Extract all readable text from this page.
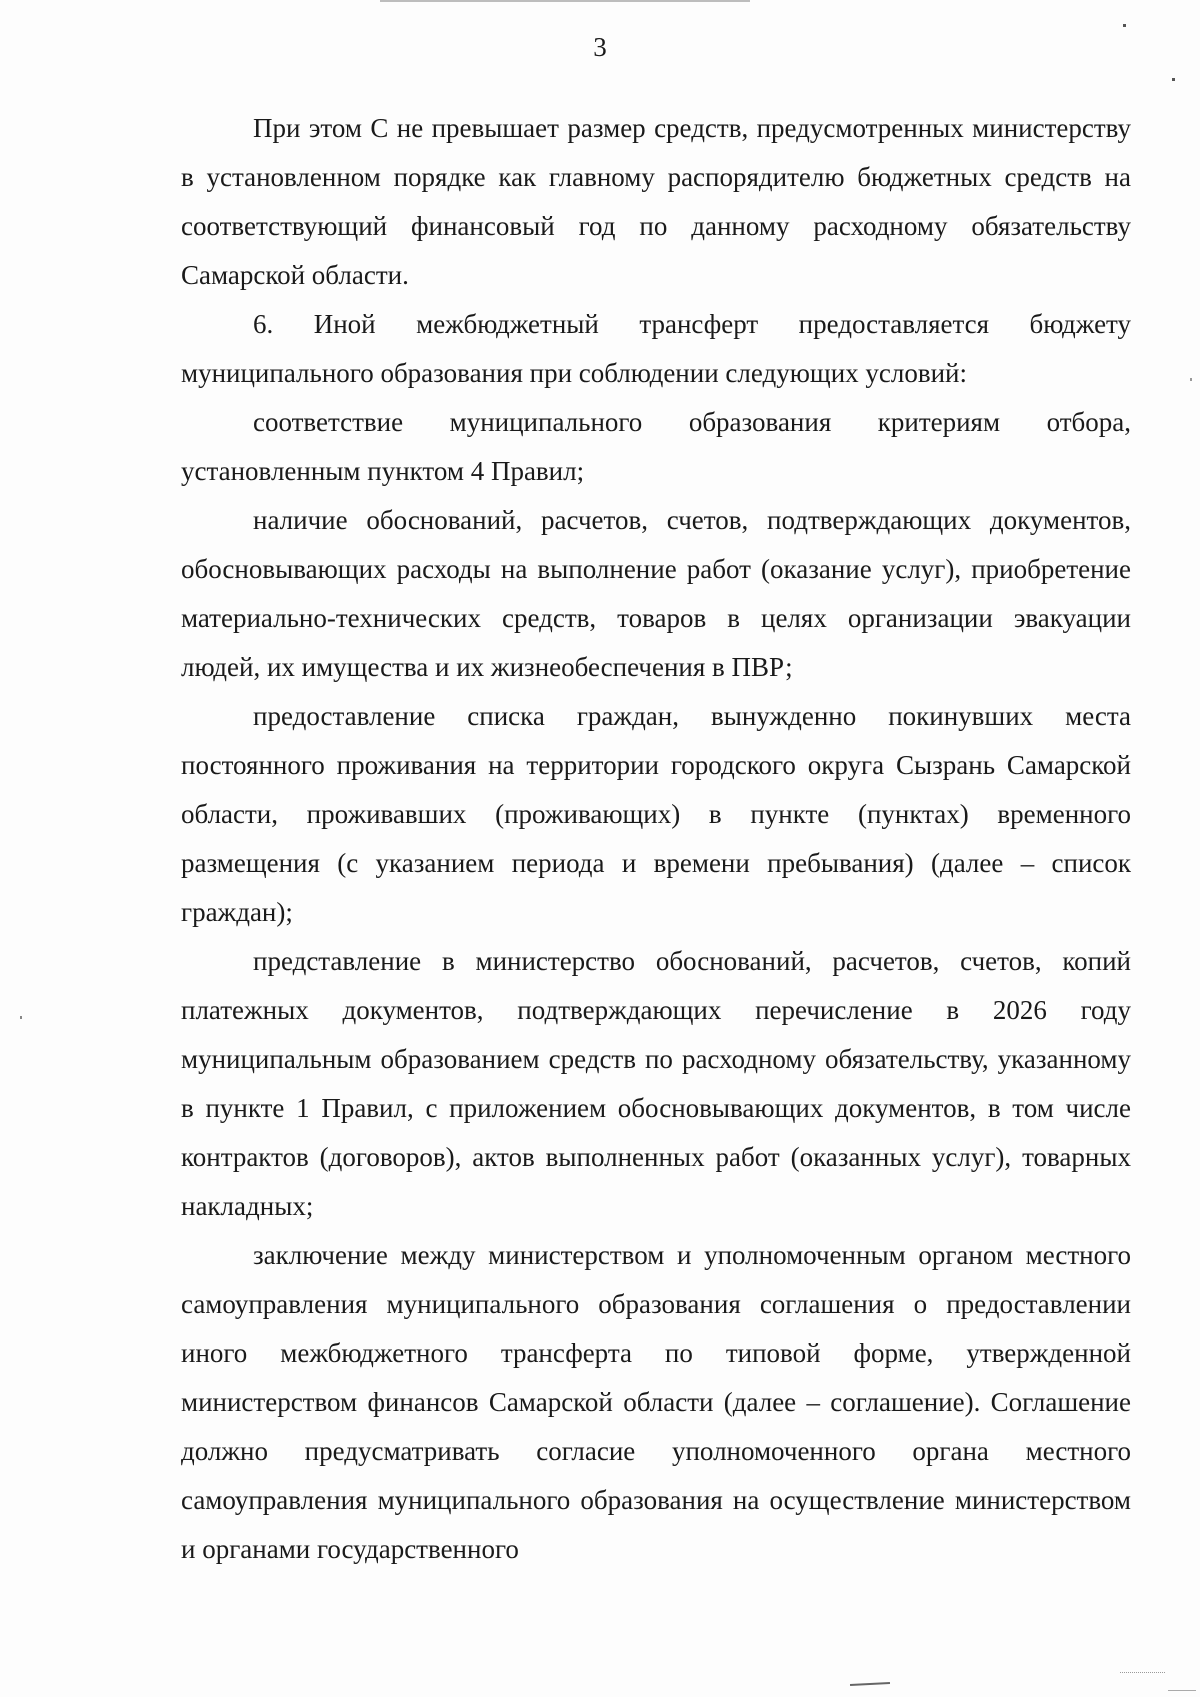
3

При этом С не превышает размер средств, предусмотренных министерству в установленном порядке как главному распорядителю бюджетных средств на соответствующий финансовый год по данному расходному обязательству Самарской области.

6. Иной межбюджетный трансферт предоставляется бюджету муниципального образования при соблюдении следующих условий:

соответствие муниципального образования критериям отбора, установленным пунктом 4 Правил;

наличие обоснований, расчетов, счетов, подтверждающих документов, обосновывающих расходы на выполнение работ (оказание услуг), приобретение материально-технических средств, товаров в целях организации эвакуации людей, их имущества и их жизнеобеспечения в ПВР;

предоставление списка граждан, вынужденно покинувших места постоянного проживания на территории городского округа Сызрань Самарской области, проживавших (проживающих) в пункте (пунктах) временного размещения (с указанием периода и времени пребывания) (далее – список граждан);

представление в министерство обоснований, расчетов, счетов, копий платежных документов, подтверждающих перечисление в 2026 году муниципальным образованием средств по расходному обязательству, указанному в пункте 1 Правил, с приложением обосновывающих документов, в том числе контрактов (договоров), актов выполненных работ (оказанных услуг), товарных накладных;

заключение между министерством и уполномоченным органом местного самоуправления муниципального образования соглашения о предоставлении иного межбюджетного трансферта по типовой форме, утвержденной министерством финансов Самарской области (далее – соглашение). Соглашение должно предусматривать согласие уполномоченного органа местного самоуправления муниципального образования на осуществление министерством и органами государственного
